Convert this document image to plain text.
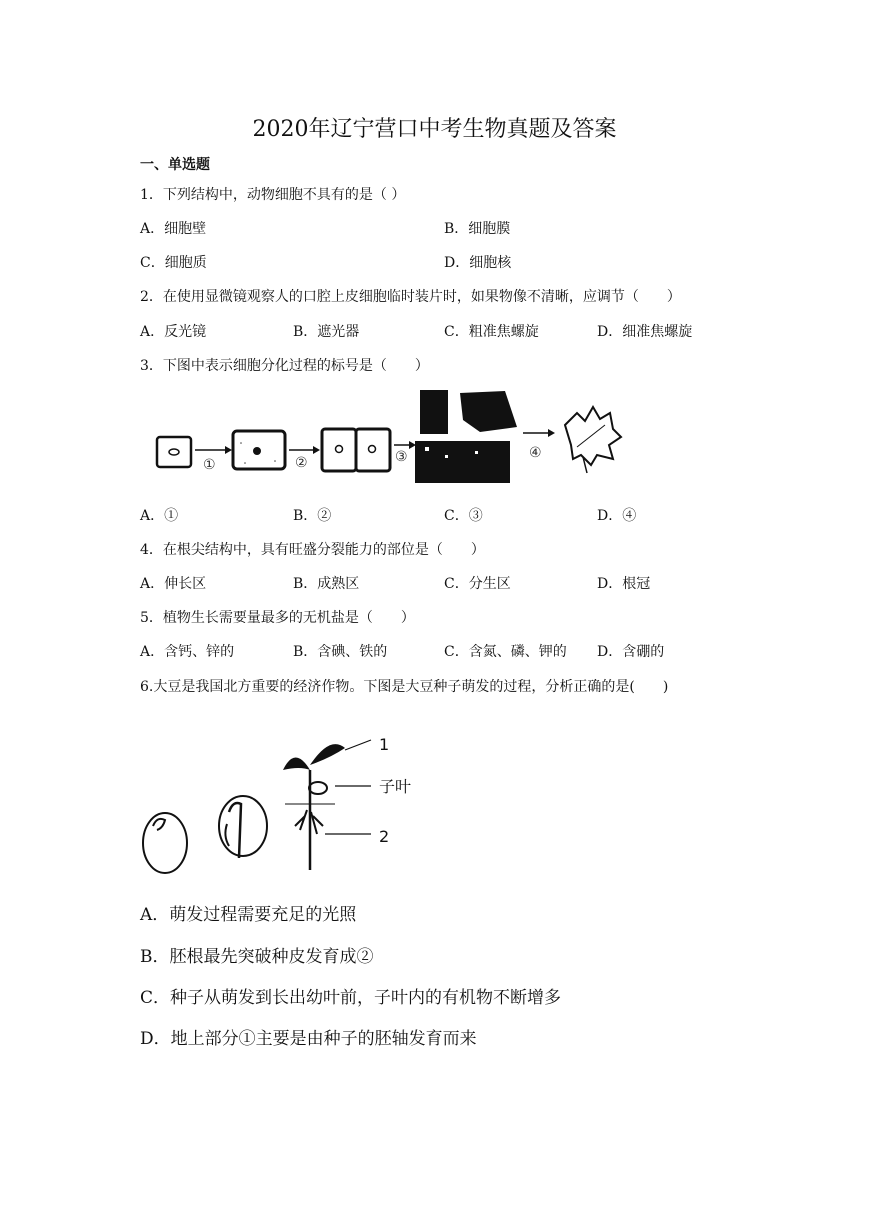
2020年辽宁营口中考生物真题及答案
一、单选题
1．下列结构中，动物细胞不具有的是（ ）
A．细胞壁	B．细胞膜
C．细胞质	D．细胞核
2．在使用显微镜观察人的口腔上皮细胞临时装片时，如果物像不清晰，应调节（　　）
A．反光镜	B．遮光器	C．粗准焦螺旋	D．细准焦螺旋
3．下图中表示细胞分化过程的标号是（　　）
①	②	③	④
A．①	B．②	C．③	D．④
4．在根尖结构中，具有旺盛分裂能力的部位是（　　）
A．伸长区	B．成熟区	C．分生区	D．根冠
5．植物生长需要量最多的无机盐是（　　）
A．含钙、锌的	B．含碘、铁的	C．含氮、磷、钾的 D．含硼的
6.大豆是我国北方重要的经济作物。下图是大豆种子萌发的过程，分析正确的是(　　)
1
子叶
2
A．萌发过程需要充足的光照
B．胚根最先突破种皮发育成②
C．种子从萌发到长出幼叶前，子叶内的有机物不断增多
D．地上部分①主要是由种子的胚轴发育而来
